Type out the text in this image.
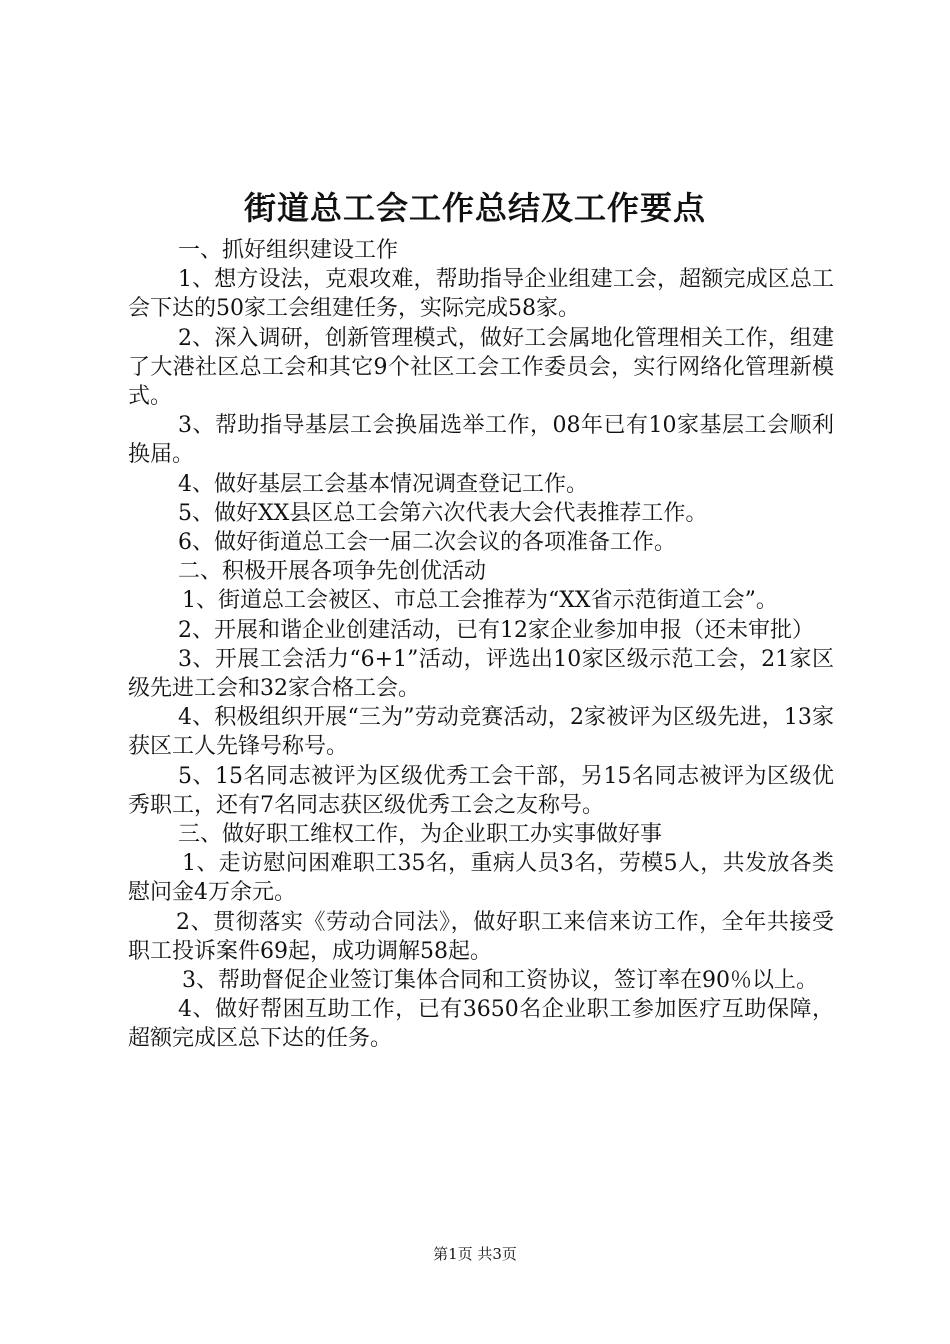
街道总工会工作总结及工作要点

一、抓好组织建设工作

1、想方设法，克艰攻难，帮助指导企业组建工会，超额完成区总工会下达的50家工会组建任务，实际完成58家。

2、深入调研，创新管理模式，做好工会属地化管理相关工作，组建了大港社区总工会和其它9个社区工会工作委员会，实行网络化管理新模式。

3、帮助指导基层工会换届选举工作，08年已有10家基层工会顺利换届。

4、做好基层工会基本情况调查登记工作。

5、做好XX县区总工会第六次代表大会代表推荐工作。

6、做好街道总工会一届二次会议的各项准备工作。

二、积极开展各项争先创优活动

1、街道总工会被区、市总工会推荐为“XX省示范街道工会”。

2、开展和谐企业创建活动，已有12家企业参加申报（还未审批）

3、开展工会活力“6+1”活动，评选出10家区级示范工会，21家区级先进工会和32家合格工会。

4、积极组织开展“三为”劳动竞赛活动，2家被评为区级先进，13家获区工人先锋号称号。

5、15名同志被评为区级优秀工会干部，另15名同志被评为区级优秀职工，还有7名同志获区级优秀工会之友称号。

三、做好职工维权工作，为企业职工办实事做好事

1、走访慰问困难职工35名，重病人员3名，劳模5人，共发放各类慰问金4万余元。

2、贯彻落实《劳动合同法》，做好职工来信来访工作，全年共接受职工投诉案件69起，成功调解58起。

3、帮助督促企业签订集体合同和工资协议，签订率在90％以上。

4、做好帮困互助工作，已有3650名企业职工参加医疗互助保障，超额完成区总下达的任务。

第1页 共3页
